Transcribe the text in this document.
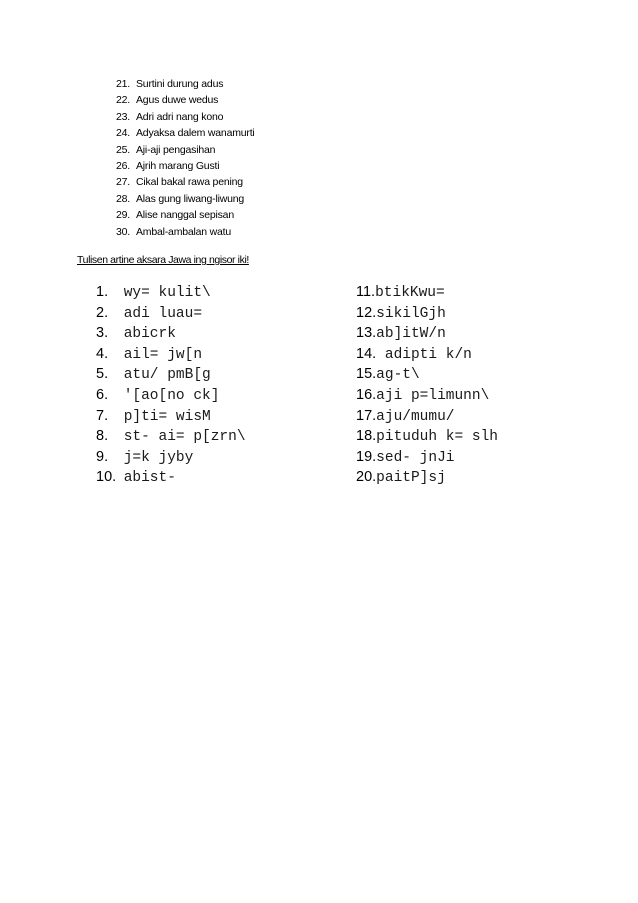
21. Surtini durung adus
22. Agus duwe wedus
23. Adri adri nang kono
24. Adyaksa dalem wanamurti
25. Aji-aji pengasihan
26. Ajrih marang Gusti
27. Cikal bakal rawa pening
28. Alas gung liwang-liwung
29. Alise nanggal sepisan
30. Ambal-ambalan watu

Tulisen artine aksara Jawa ing ngisor iki!

1. wy= kulit\
2. adi luau=
3. abicrk
4. ail= jw[n
5. atu/ pmB[g
6. '[ao[no ck]
7. p]ti= wisM
8. st- ai= p[zrn\
9. j=k jyby
10. abist-
11.btikKwu=
12.sikilGjh
13.ab]itW/n
14. adipti k/n
15.ag-t\
16.aji p=limunn\
17.aju/mumu/
18.pituduh k= slh
19.sed- jnJi
20.paitP]sj
